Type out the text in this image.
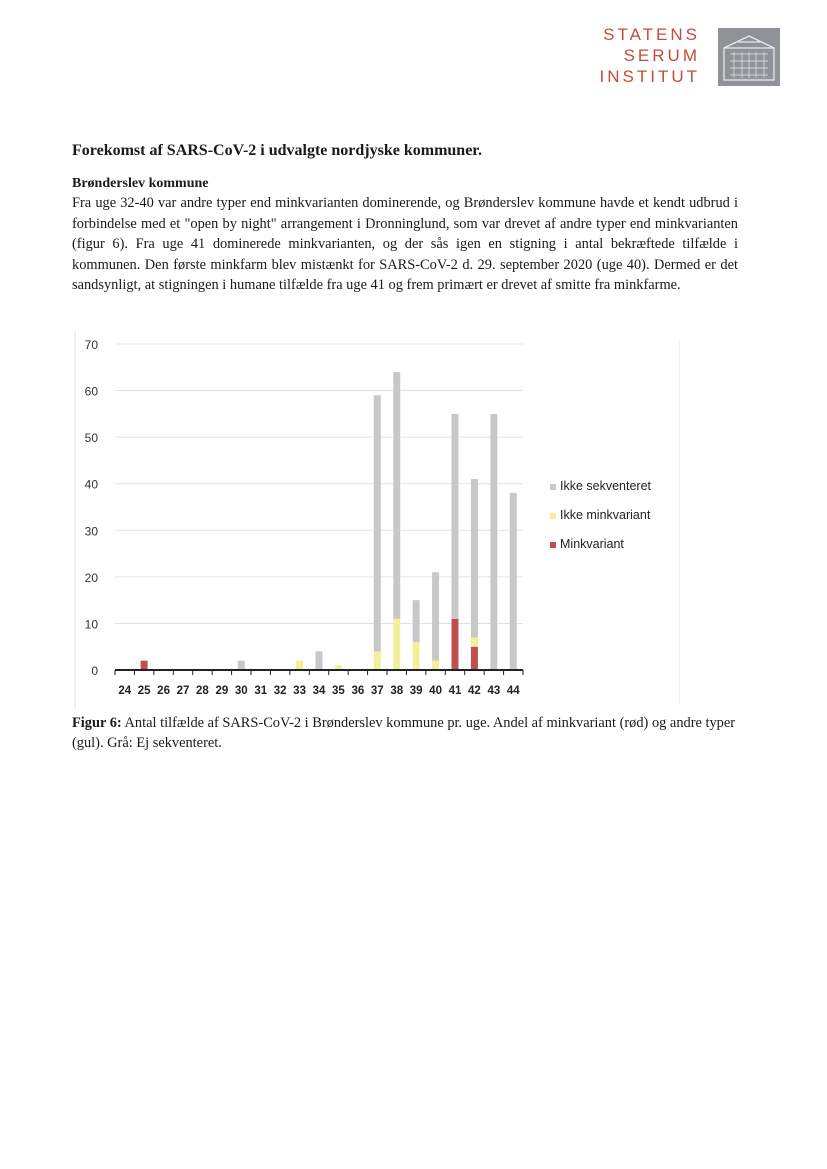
STATENS
SERUM
INSTITUT
Forekomst af SARS-CoV-2 i udvalgte nordjyske kommuner.
Brønderslev kommune

Fra uge 32-40 var andre typer end minkvarianten dominerende, og Brønderslev kommune havde et kendt udbrud i forbindelse med et "open by night" arrangement i Dronninglund, som var drevet af andre typer end minkvarianten (figur 6). Fra uge 41 dominerede minkvarianten, og der sås igen en stigning i antal bekræftede tilfælde i kommunen. Den første minkfarm blev mistænkt for SARS-CoV-2 d. 29. september 2020 (uge 40). Dermed er det sandsynligt, at stigningen i humane tilfælde fra uge 41 og frem primært er drevet af smitte fra minkfarme.

0
10
20
30
40
50
60
70
24 25 26 27 28 29 30 31 32 33 34 35 36 37 38 39 40 41 42 43 44
Ikke sekventeret
Ikke minkvariant
Minkvariant

Figur 6: Antal tilfælde af SARS-CoV-2 i Brønderslev kommune pr. uge. Andel af minkvariant (rød) og andre typer (gul). Grå: Ej sekventeret.
